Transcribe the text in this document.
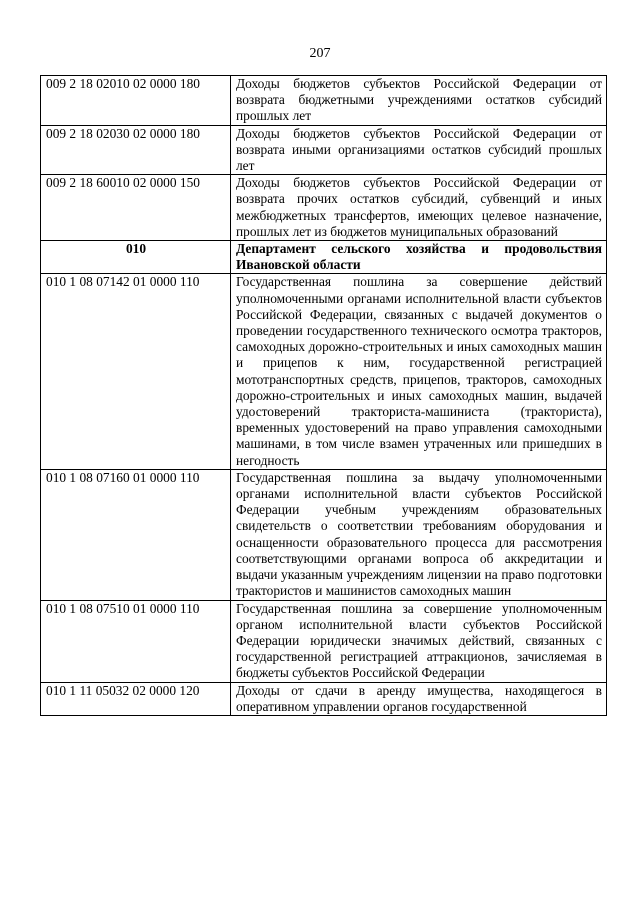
207
009 2 18 02010 02 0000 180	Доходы бюджетов субъектов Российской Федерации от возврата бюджетными учреждениями остатков субсидий прошлых лет
009 2 18 02030 02 0000 180	Доходы бюджетов субъектов Российской Федерации от возврата иными организациями остатков субсидий прошлых лет
009 2 18 60010 02 0000 150	Доходы бюджетов субъектов Российской Федерации от возврата прочих остатков субсидий, субвенций и иных межбюджетных трансфертов, имеющих целевое назначение, прошлых лет из бюджетов муниципальных образований
010	Департамент сельского хозяйства и продовольствия Ивановской области
010 1 08 07142 01 0000 110	Государственная пошлина за совершение действий уполномоченными органами исполнительной власти субъектов Российской Федерации, связанных с выдачей документов о проведении государственного технического осмотра тракторов, самоходных дорожно-строительных и иных самоходных машин и прицепов к ним, государственной регистрацией мототранспортных средств, прицепов, тракторов, самоходных дорожно-строительных и иных самоходных машин, выдачей удостоверений тракториста-машиниста (тракториста), временных удостоверений на право управления самоходными машинами, в том числе взамен утраченных или пришедших в негодность
010 1 08 07160 01 0000 110	Государственная пошлина за выдачу уполномоченными органами исполнительной власти субъектов Российской Федерации учебным учреждениям образовательных свидетельств о соответствии требованиям оборудования и оснащенности образовательного процесса для рассмотрения соответствующими органами вопроса об аккредитации и выдачи указанным учреждениям лицензии на право подготовки трактористов и машинистов самоходных машин
010 1 08 07510 01 0000 110	Государственная пошлина за совершение уполномоченным органом исполнительной власти субъектов Российской Федерации юридически значимых действий, связанных с государственной регистрацией аттракционов, зачисляемая в бюджеты субъектов Российской Федерации
010 1 11 05032 02 0000 120	Доходы от сдачи в аренду имущества, находящегося в оперативном управлении органов государственной
